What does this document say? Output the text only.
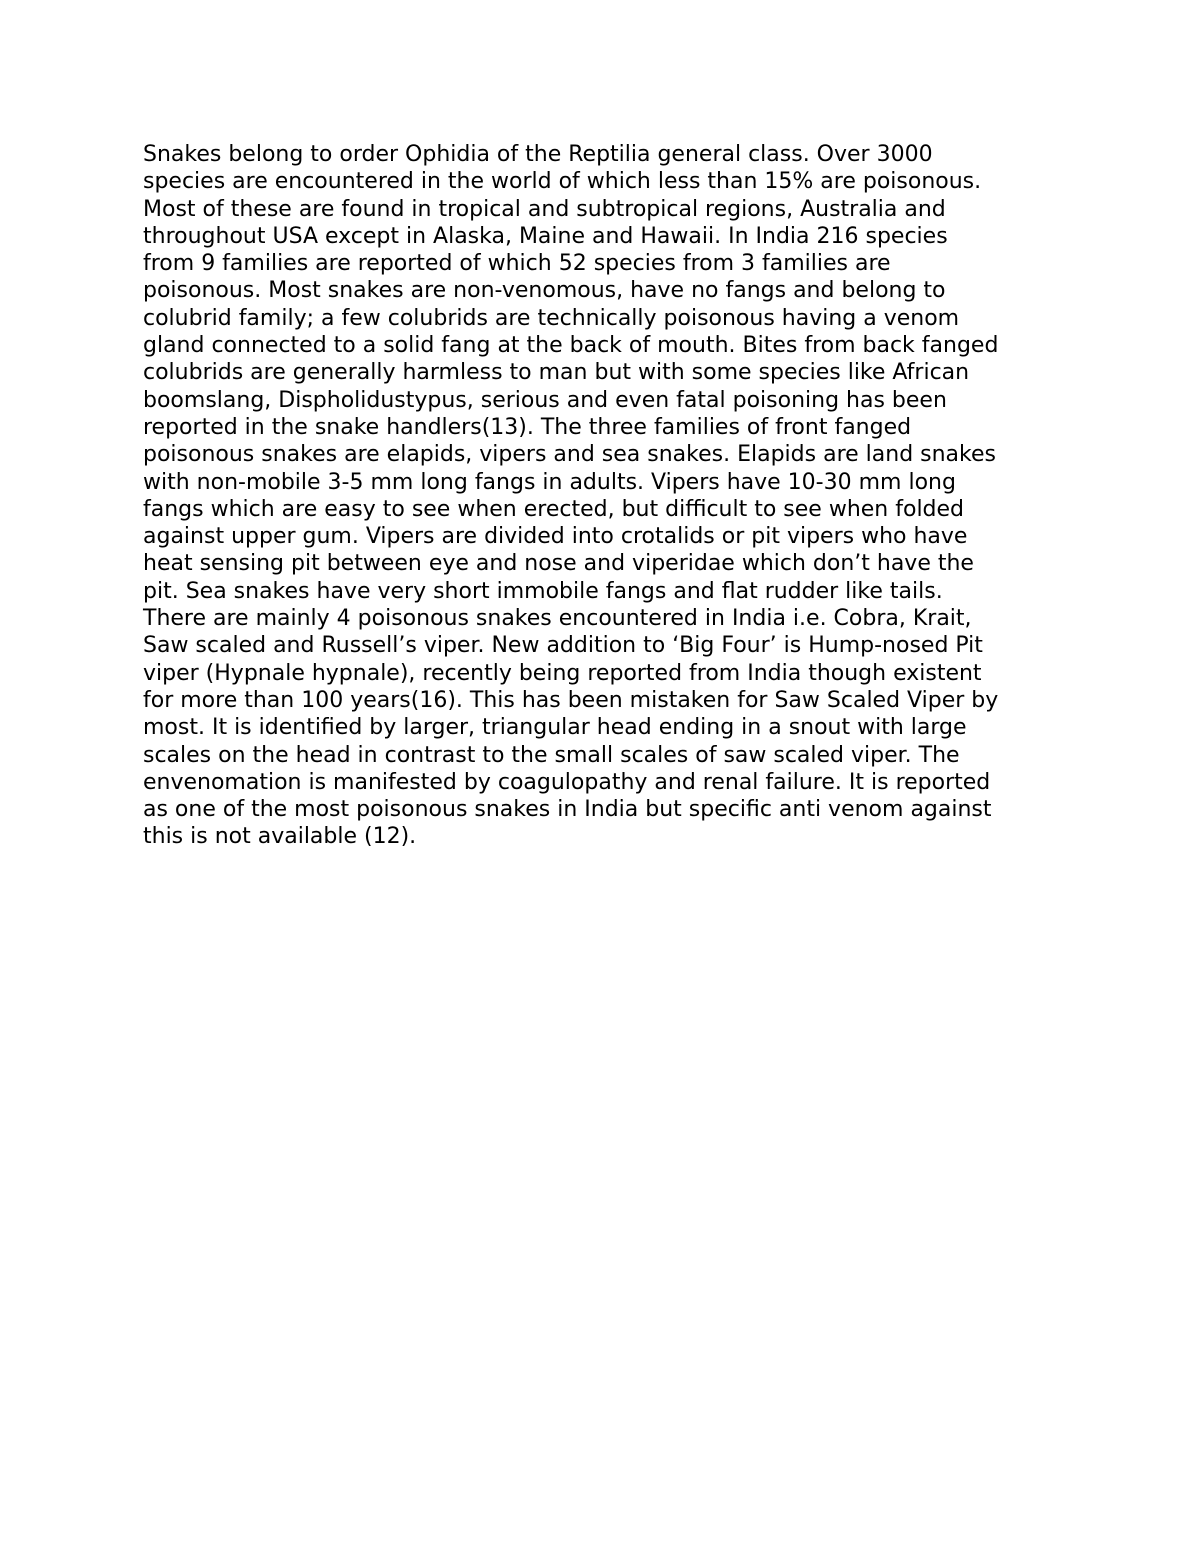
Snakes belong to order Ophidia of the Reptilia general class. Over 3000
species are encountered in the world of which less than 15% are poisonous.
Most of these are found in tropical and subtropical regions, Australia and
throughout USA except in Alaska, Maine and Hawaii. In India 216 species
from 9 families are reported of which 52 species from 3 families are
poisonous. Most snakes are non-venomous, have no fangs and belong to
colubrid family; a few colubrids are technically poisonous having a venom
gland connected to a solid fang at the back of mouth. Bites from back fanged
colubrids are generally harmless to man but with some species like African
boomslang, Dispholidustypus, serious and even fatal poisoning has been
reported in the snake handlers(13). The three families of front fanged
poisonous snakes are elapids, vipers and sea snakes. Elapids are land snakes
with non-mobile 3-5 mm long fangs in adults. Vipers have 10-30 mm long
fangs which are easy to see when erected, but difficult to see when folded
against upper gum. Vipers are divided into crotalids or pit vipers who have
heat sensing pit between eye and nose and viperidae which don’t have the
pit. Sea snakes have very short immobile fangs and flat rudder like tails.
There are mainly 4 poisonous snakes encountered in India i.e. Cobra, Krait,
Saw scaled and Russell’s viper. New addition to ‘Big Four’ is Hump-nosed Pit
viper (Hypnale hypnale), recently being reported from India though existent
for more than 100 years(16). This has been mistaken for Saw Scaled Viper by
most. It is identified by larger, triangular head ending in a snout with large
scales on the head in contrast to the small scales of saw scaled viper. The
envenomation is manifested by coagulopathy and renal failure. It is reported
as one of the most poisonous snakes in India but specific anti venom against
this is not available (12).
